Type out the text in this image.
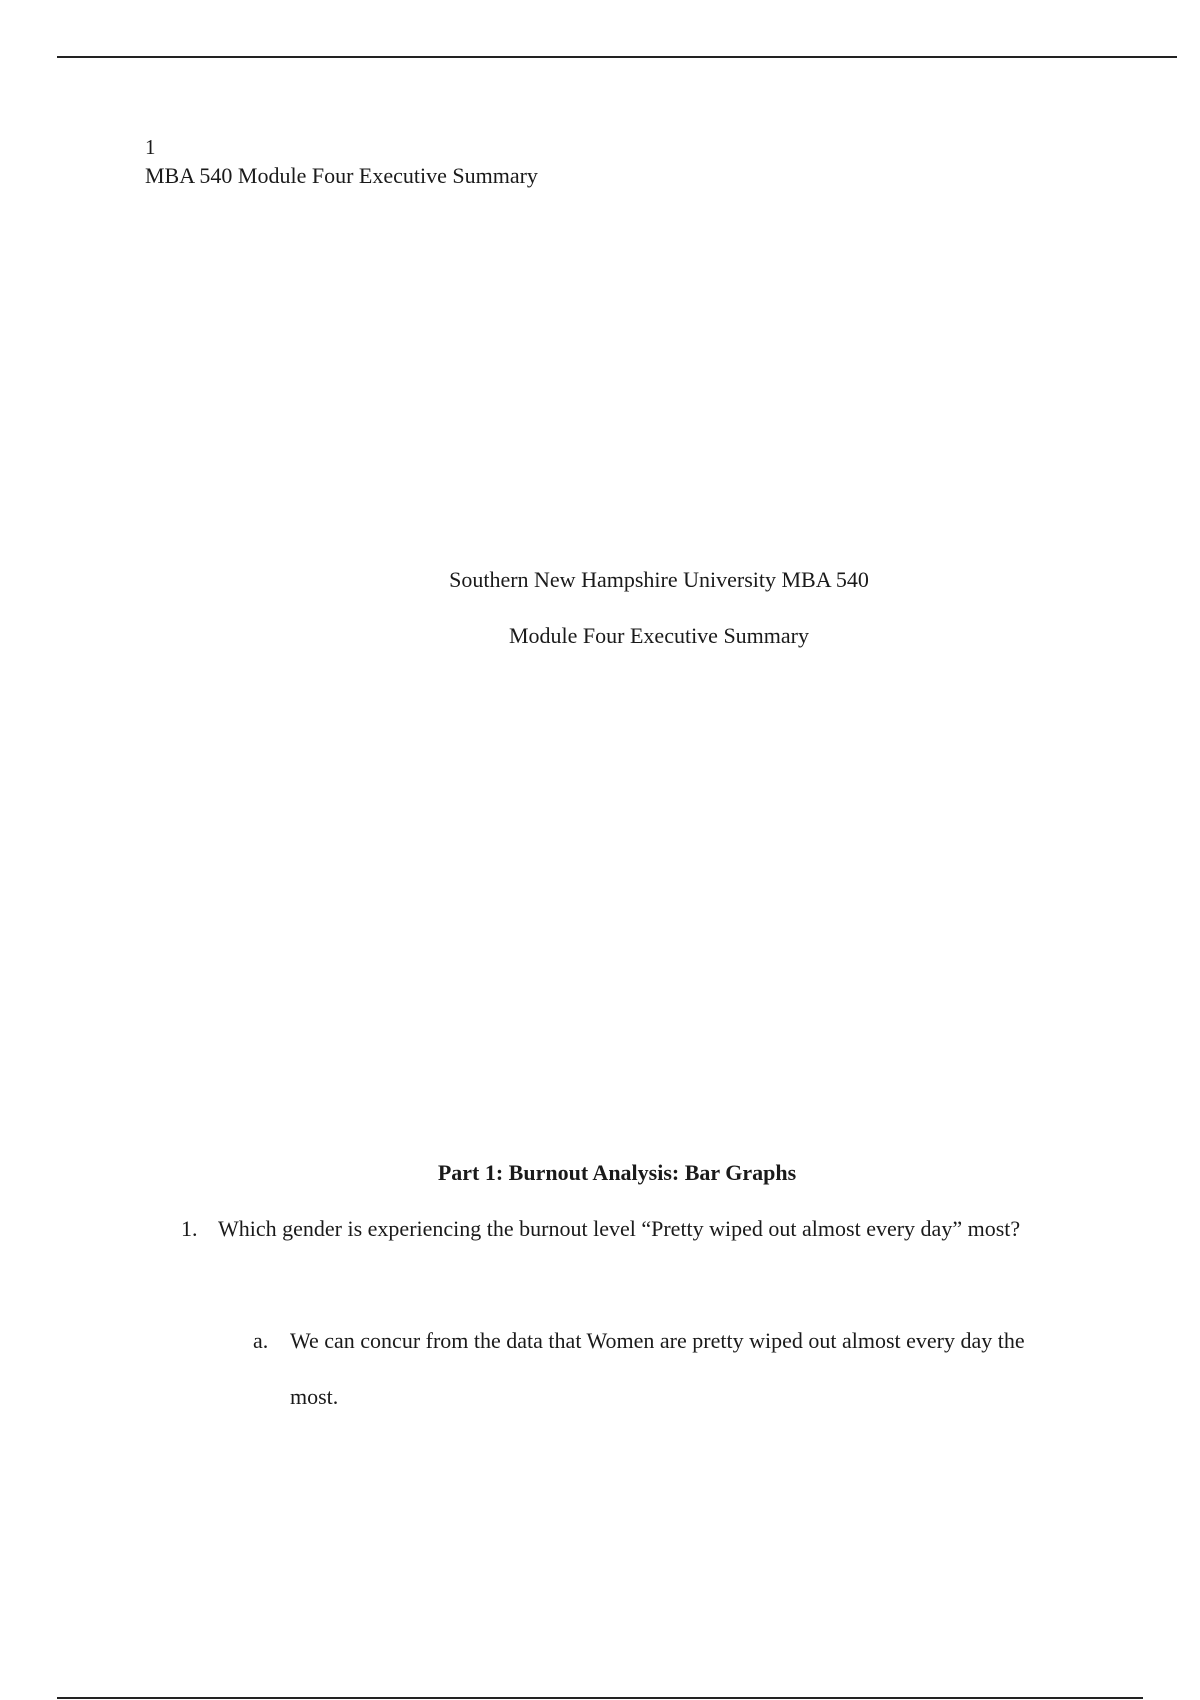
1
MBA 540 Module Four Executive Summary
Southern New Hampshire University MBA 540
Module Four Executive Summary
Part 1: Burnout Analysis: Bar Graphs
1. Which gender is experiencing the burnout level “Pretty wiped out almost every day” most?
a. We can concur from the data that Women are pretty wiped out almost every day the most.
